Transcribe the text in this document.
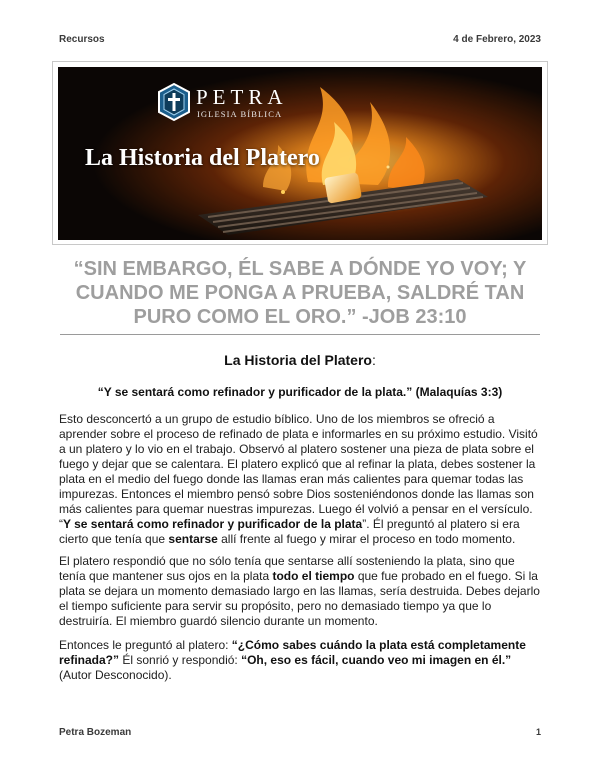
Recursos	4 de Febrero, 2023
PETRA
IGLESIA BÍBLICA
La Historia del Platero
“SIN EMBARGO, ÉL SABE A DÓNDE YO VOY; Y CUANDO ME PONGA A PRUEBA, SALDRÉ TAN PURO COMO EL ORO.” -JOB 23:10
La Historia del Platero:
“Y se sentará como refinador y purificador de la plata.” (Malaquías 3:3)
Esto desconcertó a un grupo de estudio bíblico. Uno de los miembros se ofreció a aprender sobre el proceso de refinado de plata e informarles en su próximo estudio. Visitó a un platero y lo vio en el trabajo. Observó al platero sostener una pieza de plata sobre el fuego y dejar que se calentara. El platero explicó que al refinar la plata, debes sostener la plata en el medio del fuego donde las llamas eran más calientes para quemar todas las impurezas. Entonces el miembro pensó sobre Dios sosteniéndonos donde las llamas son más calientes para quemar nuestras impurezas. Luego él volvió a pensar en el versículo. “Y se sentará como refinador y purificador de la plata”. Él preguntó al platero si era cierto que tenía que sentarse allí frente al fuego y mirar el proceso en todo momento.
El platero respondió que no sólo tenía que sentarse allí sosteniendo la plata, sino que tenía que mantener sus ojos en la plata todo el tiempo que fue probado en el fuego. Si la plata se dejara un momento demasiado largo en las llamas, sería destruida. Debes dejarlo el tiempo suficiente para servir su propósito, pero no demasiado tiempo ya que lo destruiría. El miembro guardó silencio durante un momento.
Entonces le preguntó al platero: “¿Cómo sabes cuándo la plata está completamente refinada?” Él sonrió y respondió: “Oh, eso es fácil, cuando veo mi imagen en él.” (Autor Desconocido).
Petra Bozeman	1
